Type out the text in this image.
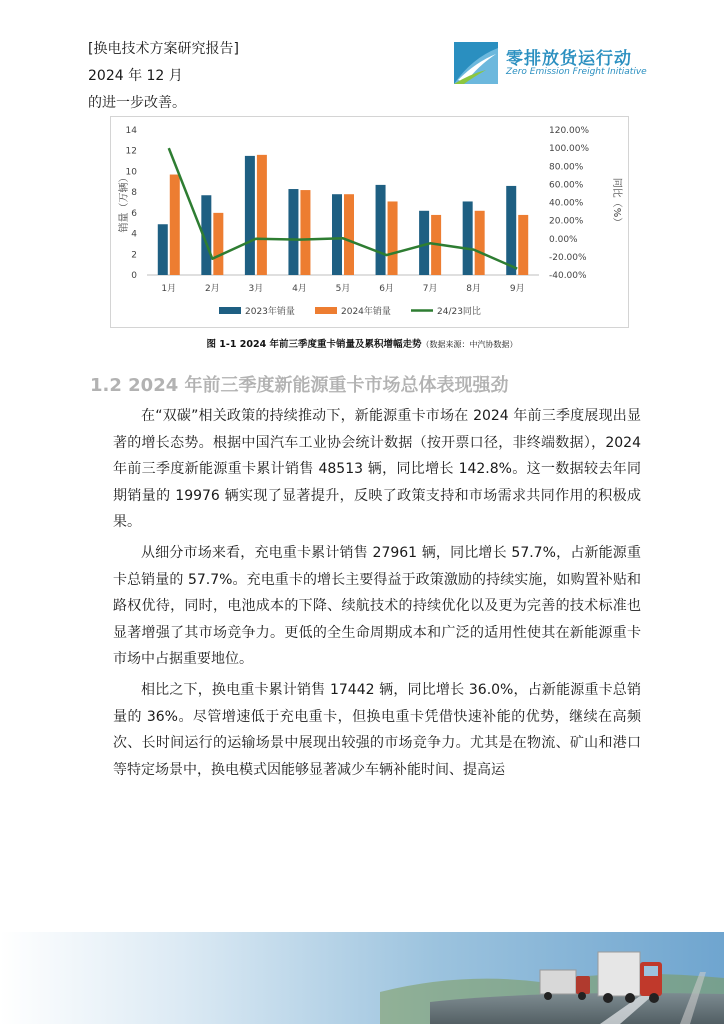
[换电技术方案研究报告]
2024 年 12 月
的进一步改善。
零排放货运行动
Zero Emission Freight Initiative
0
2
4
6
8
10
12
14
-40.00%
-20.00%
0.00%
20.00%
40.00%
60.00%
80.00%
100.00%
120.00%
销量（万辆）	同比（%）
1月	2月	3月	4月	5月	6月	7月	8月	9月
2023年销量	2024年销量	24/23同比
图 1-1 2024 年前三季度重卡销量及累积增幅走势（数据来源：中汽协数据）
1.2 2024 年前三季度新能源重卡市场总体表现强劲

在“双碳”相关政策的持续推动下，新能源重卡市场在 2024 年前三季度展现出显著的增长态势。根据中国汽车工业协会统计数据（按开票口径，非终端数据），2024 年前三季度新能源重卡累计销售 48513 辆，同比增长 142.8%。这一数据较去年同期销量的 19976 辆实现了显著提升，反映了政策支持和市场需求共同作用的积极成果。

从细分市场来看，充电重卡累计销售 27961 辆，同比增长 57.7%，占新能源重卡总销量的 57.7%。充电重卡的增长主要得益于政策激励的持续实施，如购置补贴和路权优待，同时，电池成本的下降、续航技术的持续优化以及更为完善的技术标准也显著增强了其市场竞争力。更低的全生命周期成本和广泛的适用性使其在新能源重卡市场中占据重要地位。

相比之下，换电重卡累计销售 17442 辆，同比增长 36.0%，占新能源重卡总销量的 36%。尽管增速低于充电重卡，但换电重卡凭借快速补能的优势，继续在高频次、长时间运行的运输场景中展现出较强的市场竞争力。尤其是在物流、矿山和港口等特定场景中，换电模式因能够显著减少车辆补能时间、提高运
